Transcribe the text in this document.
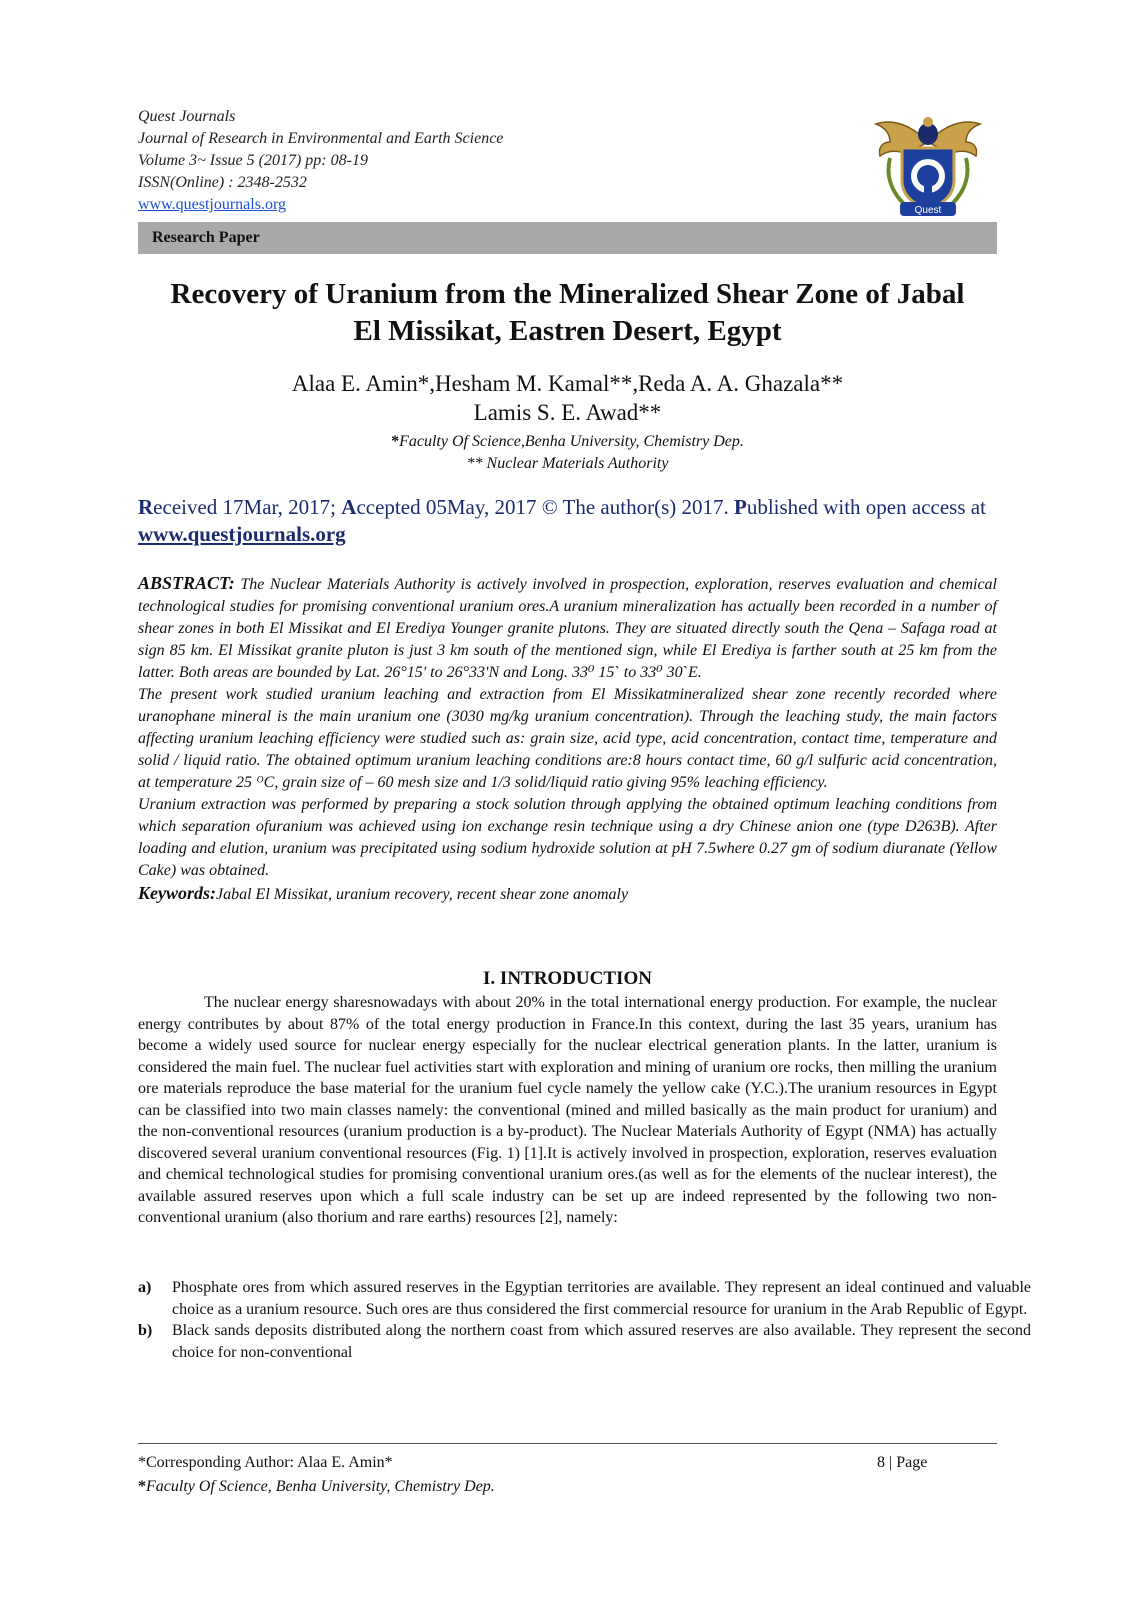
Quest Journals
Journal of Research in Environmental and Earth Science
Volume 3~ Issue 5 (2017) pp: 08-19
ISSN(Online) : 2348-2532
www.questjournals.org	Quest
Research Paper
Recovery of Uranium from the Mineralized Shear Zone of Jabal
El Missikat, Eastren Desert, Egypt
Alaa E. Amin*,Hesham M. Kamal**,Reda A. A. Ghazala**
Lamis S. E. Awad**
*Faculty Of Science,Benha University, Chemistry Dep.
** Nuclear Materials Authority
Received 17Mar, 2017; Accepted 05May, 2017 © The author(s) 2017. Published with open access at www.questjournals.org

ABSTRACT: The Nuclear Materials Authority is actively involved in prospection, exploration, reserves evaluation and chemical technological studies for promising conventional uranium ores.A uranium mineralization has actually been recorded in a number of shear zones in both El Missikat and El Erediya Younger granite plutons. They are situated directly south the Qena – Safaga road at sign 85 km. El Missikat granite pluton is just 3 km south of the mentioned sign, while El Erediya is farther south at 25 km from the latter. Both areas are bounded by Lat. 26°15ʹ to 26°33ʹN and Long. 33⁰ 15ˋ to 33⁰ 30ˋE.

The present work studied uranium leaching and extraction from El Missikatmineralized shear zone recently recorded where uranophane mineral is the main uranium one (3030 mg/kg uranium concentration). Through the leaching study, the main factors affecting uranium leaching efficiency were studied such as: grain size, acid type, acid concentration, contact time, temperature and solid / liquid ratio. The obtained optimum uranium leaching conditions are:8 hours contact time, 60 g/l sulfuric acid concentration, at temperature 25 ᴼC, grain size of – 60 mesh size and 1/3 solid/liquid ratio giving 95% leaching efficiency.

Uranium extraction was performed by preparing a stock solution through applying the obtained optimum leaching conditions from which separation ofuranium was achieved using ion exchange resin technique using a dry Chinese anion one (type D263B). After loading and elution, uranium was precipitated using sodium hydroxide solution at pH 7.5where 0.27 gm of sodium diuranate (Yellow Cake) was obtained.

Keywords:Jabal El Missikat, uranium recovery, recent shear zone anomaly

I. INTRODUCTION

The nuclear energy sharesnowadays with about 20% in the total international energy production. For example, the nuclear energy contributes by about 87% of the total energy production in France.In this context, during the last 35 years, uranium has become a widely used source for nuclear energy especially for the nuclear electrical generation plants. In the latter, uranium is considered the main fuel. The nuclear fuel activities start with exploration and mining of uranium ore rocks, then milling the uranium ore materials reproduce the base material for the uranium fuel cycle namely the yellow cake (Y.C.).The uranium resources in Egypt can be classified into two main classes namely: the conventional (mined and milled basically as the main product for uranium) and the non-conventional resources (uranium production is a by-product). The Nuclear Materials Authority of Egypt (NMA) has actually discovered several uranium conventional resources (Fig. 1) [1].It is actively involved in prospection, exploration, reserves evaluation and chemical technological studies for promising conventional uranium ores.(as well as for the elements of the nuclear interest), the available assured reserves upon which a full scale industry can be set up are indeed represented by the following two non-conventional uranium (also thorium and rare earths) resources [2], namely:

a) Phosphate ores from which assured reserves in the Egyptian territories are available. They represent an ideal continued and valuable choice as a uranium resource. Such ores are thus considered the first commercial resource for uranium in the Arab Republic of Egypt.
b) Black sands deposits distributed along the northern coast from which assured reserves are also available. They represent the second choice for non-conventional
*Corresponding Author: Alaa E. Amin*
*Faculty Of Science, Benha University, Chemistry Dep.
8 | Page
